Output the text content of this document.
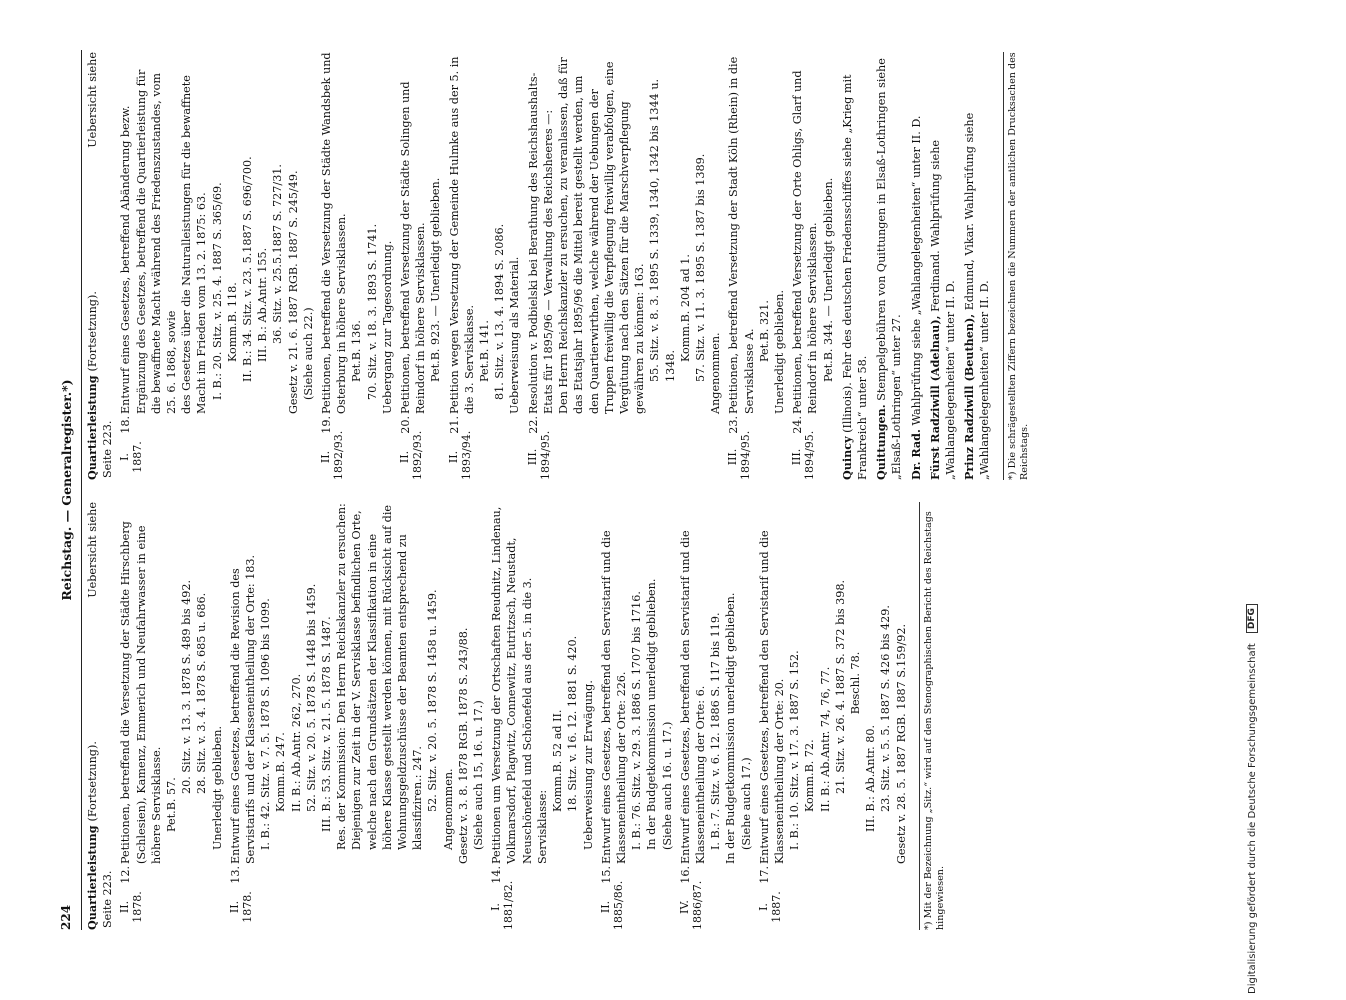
Digitalisierung gefördert durch die Deutsche Forschungsgemeinschaft
DFG
224
Reichstag. — Generalregister.*)
Quartierleistung (Fortsetzung).
Uebersicht siehe
Seite 223. II. 1878.
12.
Petitionen, betreffend die Versetzung der Städte Hirschberg (Schlesien), Kamenz, Emmerich und Neufahrwasser in eine höhere Servisklasse. Pet.B. 57.
20. Sitz. v. 13. 3. 1878 S. 489 bis 492. 28. Sitz. v. 3. 4. 1878 S. 685 u. 686. Unerledigt geblieben.
II. 1878.
13.
Entwurf eines Gesetzes, betreffend die Revision des Servistarifs und der Klasseneintheilung der Orte: 183. I. B.: 42. Sitz. v. 7. 5. 1878 S. 1096 bis 1099. Komm.B. 247. II. B.: Ab.Antr. 262, 270. 52. Sitz. v. 20. 5. 1878 S. 1448 bis 1459. III. B.: 53. Sitz. v. 21. 5. 1878 S. 1487. Res. der Kommission: Den Herrn Reichskanzler zu ersuchen: Diejenigen zur Zeit in der V. Servisklasse befindlichen Orte, welche nach den Grundsätzen der Klassifikation in eine höhere Klasse gestellt werden können, mit Rücksicht auf die Wohnungsgeldzuschüsse der Beamten entsprechend zu klassifiziren.: 247. 52. Sitz. v. 20. 5. 1878 S. 1458 u. 1459. Angenommen. Gesetz v. 3. 8. 1878 RGB. 1878 S. 243/88. (Siehe auch 15, 16. u. 17.)
I. 1881/82.
14.
Petitionen um Versetzung der Ortschaften Reudnitz, Lindenau, Volkmarsdorf, Plagwitz, Connewitz, Eutritzsch, Neustadt, Neuschönefeld und Schönefeld aus der 5. in die 3. Servisklasse:
Komm.B. 52 ad II. 18. Sitz. v. 16. 12. 1881 S. 420. Ueberweisung zur Erwägung.
II. 1885/86.
15.
Entwurf eines Gesetzes, betreffend den Servistarif und die Klasseneintheilung der Orte: 226. I. B.: 76. Sitz. v. 29. 3. 1886 S. 1707 bis 1716. In der Budgetkommission unerledigt geblieben. (Siehe auch 16. u. 17.)
IV. 1886/87.
16.
Entwurf eines Gesetzes, betreffend den Servistarif und die Klasseneintheilung der Orte: 6. I. B.: 7. Sitz. v. 6. 12. 1886 S. 117 bis 119. In der Budgetkommission unerledigt geblieben. (Siehe auch 17.)
I. 1887.
17.
Entwurf eines Gesetzes, betreffend den Servistarif und die Klasseneintheilung der Orte: 20. I. B.: 10. Sitz. v. 17. 3. 1887 S. 152. Komm.B. 72. II. B.: Ab.Antr. 74, 76, 77. 21. Sitz. v. 26. 4. 1887 S. 372 bis 398. Beschl. 78.
III. B.: Ab.Antr. 80. 23. Sitz. v. 5. 5. 1887 S. 426 bis 429. Gesetz v. 28. 5. 1887 RGB. 1887 S.159/92.	*) Mit der Bezeichnung „Sitz.“ wird auf den Stenographischen Bericht des Reichstags hingewiesen.
Quartierleistung (Fortsetzung).
Uebersicht siehe
Seite 223. I. 1887.
18.
Entwurf eines Gesetzes, betreffend Abänderung bezw. Ergänzung des Gesetzes, betreffend die Quartierleistung für die bewaffnete Macht während des Friedenszustandes, vom 25. 6. 1868, sowie des Gesetzes über die Naturalleistungen für die bewaffnete Macht im Frieden vom 13. 2. 1875: 63. I. B.: 20. Sitz. v. 25. 4. 1887 S. 365/69. Komm.B. 118. II. B.: 34. Sitz. v. 23. 5.1887 S. 696/700. III. B.: Ab.Antr. 155. 36. Sitz. v. 25.5.1887 S. 727/31. Gesetz v. 21. 6. 1887 RGB. 1887 S. 245/49. (Siehe auch 22.)
II. 1892/93.
19.
Petitionen, betreffend die Versetzung der Städte Wandsbek und Osterburg in höhere Servisklassen. Pet.B. 136. 70. Sitz. v. 18. 3. 1893 S. 1741. Uebergang zur Tagesordnung.
II. 1892/93.
20.
Petitionen, betreffend Versetzung der Städte Solingen und Reindorf in höhere Servisklassen. Pet.B. 923. — Unerledigt geblieben.
II. 1893/94.
21.
Petition wegen Versetzung der Gemeinde Hulmke aus der 5. in die 3. Servisklasse. Pet.B. 141. 81. Sitz. v. 13. 4. 1894 S. 2086. Ueberweisung als Material.
III. 1894/95.
22.
Resolution v. Podbielski bei Berathung des Reichshaushalts-Etats für 1895/96 — Verwaltung des Reichsheeres —: Den Herrn Reichskanzler zu ersuchen, zu veranlassen, daß für das Etatsjahr 1895/96 die Mittel bereit gestellt werden, um den Quartierwirthen, welche während der Uebungen der Truppen freiwillig die Verpflegung freiwillig verabfolgen, eine Vergütung nach den Sätzen für die Marschverpflegung gewähren zu können: 163. 55. Sitz. v. 8. 3. 1895 S. 1339, 1340, 1342 bis 1344 u. 1348.
Komm.B. 204 ad 1. 57. Sitz. v. 11. 3. 1895 S. 1387 bis 1389. Angenommen.
III. 1894/95.
23.
Petitionen, betreffend Versetzung der Stadt Köln (Rhein) in die Servisklasse A. Pet.B. 321. Unerledigt geblieben.
III. 1894/95.
24.
Petitionen, betreffend Versetzung der Orte Ohligs, Glarf und Reindorf in höhere Servisklassen. Pet.B. 344. — Unerledigt geblieben.
Quincy (Illinois). Fehr des deutschen Friedensschiffes siehe „Krieg mit Frankreich“ unter 58. Quittungen. Stempelgebühren von Quittungen in Elsaß-Lothringen siehe „Elsaß-Lothringen“ unter 27. Dr. Rad. Wahlprüfung siehe „Wahlangelegenheiten“ unter II. D. Fürst Radziwill (Adelnau), Ferdinand. Wahlprüfung siehe „Wahlangelegenheiten“ unter II. D. Prinz Radziwill (Beuthen), Edmund, Vikar. Wahlprüfung siehe „Wahlangelegenheiten“ unter II. D.	*) Die schrägestellten Ziffern bezeichnen die Nummern der amtlichen Drucksachen des Reichstags.
